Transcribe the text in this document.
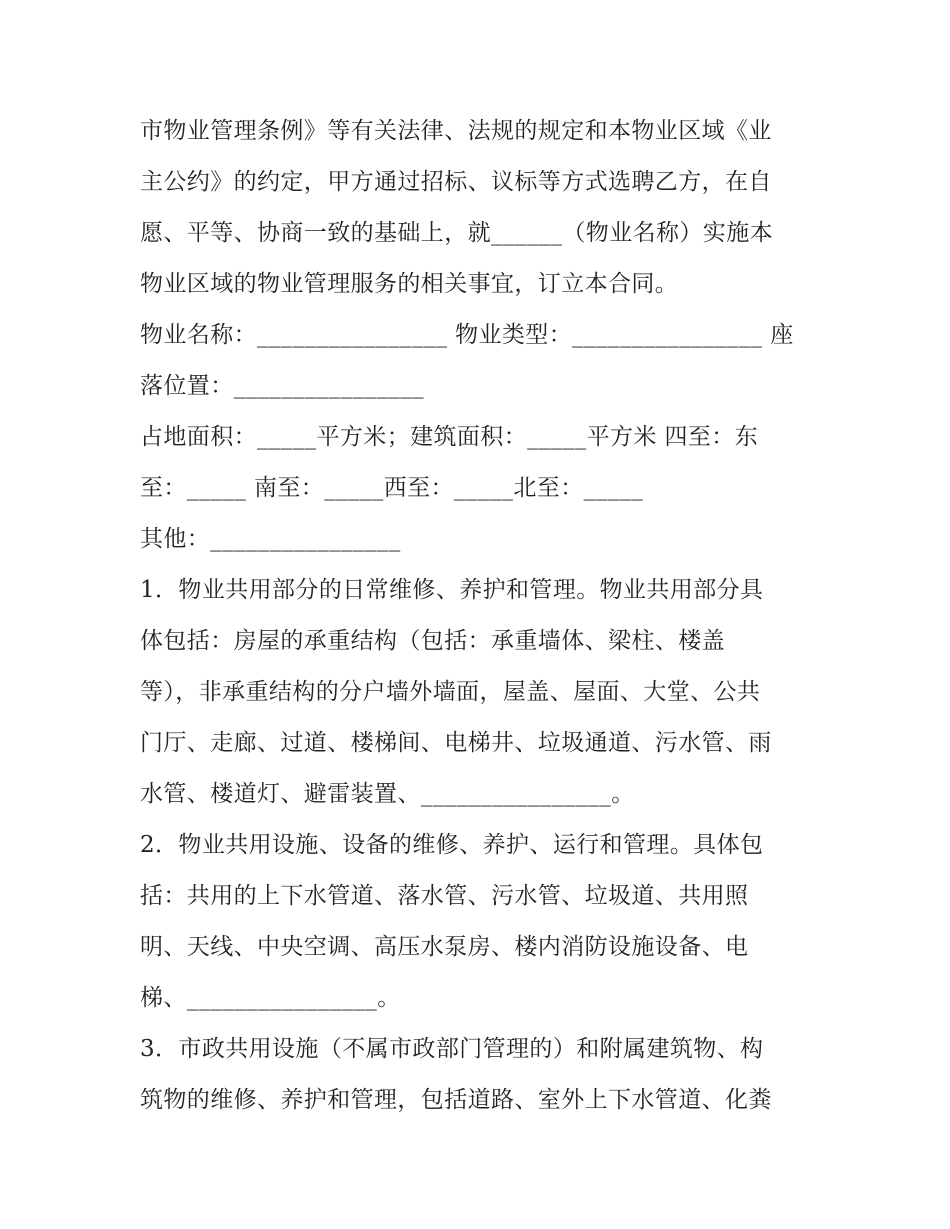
市物业管理条例》等有关法律、法规的规定和本物业区域《业
主公约》的约定，甲方通过招标、议标等方式选聘乙方，在自
愿、平等、协商一致的基础上，就______（物业名称）实施本
物业区域的物业管理服务的相关事宜，订立本合同。
物业名称：________________ 物业类型：________________ 座
落位置：________________
占地面积：_____平方米；建筑面积：_____平方米 四至：东
至：_____ 南至：_____西至：_____北至：_____
其他：________________
1．物业共用部分的日常维修、养护和管理。物业共用部分具
体包括：房屋的承重结构（包括：承重墙体、梁柱、楼盖
等），非承重结构的分户墙外墙面，屋盖、屋面、大堂、公共
门厅、走廊、过道、楼梯间、电梯井、垃圾通道、污水管、雨
水管、楼道灯、避雷装置、________________。
2．物业共用设施、设备的维修、养护、运行和管理。具体包
括：共用的上下水管道、落水管、污水管、垃圾道、共用照
明、天线、中央空调、高压水泵房、楼内消防设施设备、电
梯、________________。
3．市政共用设施（不属市政部门管理的）和附属建筑物、构
筑物的维修、养护和管理，包括道路、室外上下水管道、化粪
